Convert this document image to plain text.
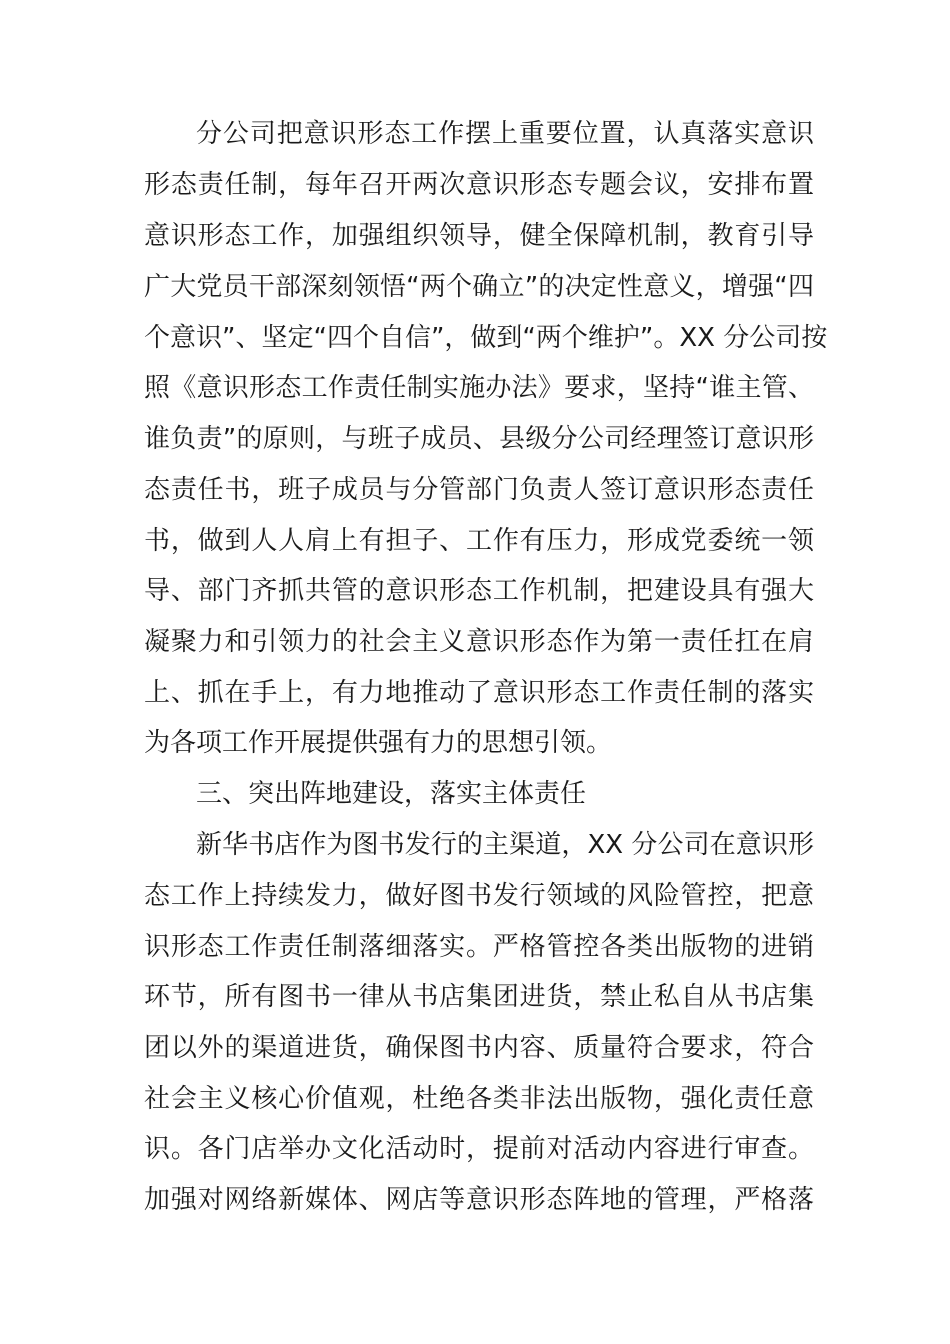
分公司把意识形态工作摆上重要位置，认真落实意识
形态责任制，每年召开两次意识形态专题会议，安排布置
意识形态工作，加强组织领导，健全保障机制，教育引导
广大党员干部深刻领悟“两个确立”的决定性意义，增强“四
个意识”、坚定“四个自信”，做到“两个维护”。XX 分公司按
照《意识形态工作责任制实施办法》要求，坚持“谁主管、
谁负责”的原则，与班子成员、县级分公司经理签订意识形
态责任书，班子成员与分管部门负责人签订意识形态责任
书，做到人人肩上有担子、工作有压力，形成党委统一领
导、部门齐抓共管的意识形态工作机制，把建设具有强大
凝聚力和引领力的社会主义意识形态作为第一责任扛在肩
上、抓在手上，有力地推动了意识形态工作责任制的落实
为各项工作开展提供强有力的思想引领。
三、突出阵地建设，落实主体责任
新华书店作为图书发行的主渠道，XX 分公司在意识形
态工作上持续发力，做好图书发行领域的风险管控，把意
识形态工作责任制落细落实。严格管控各类出版物的进销
环节，所有图书一律从书店集团进货，禁止私自从书店集
团以外的渠道进货，确保图书内容、质量符合要求，符合
社会主义核心价值观，杜绝各类非法出版物，强化责任意
识。各门店举办文化活动时，提前对活动内容进行审查。
加强对网络新媒体、网店等意识形态阵地的管理，严格落
